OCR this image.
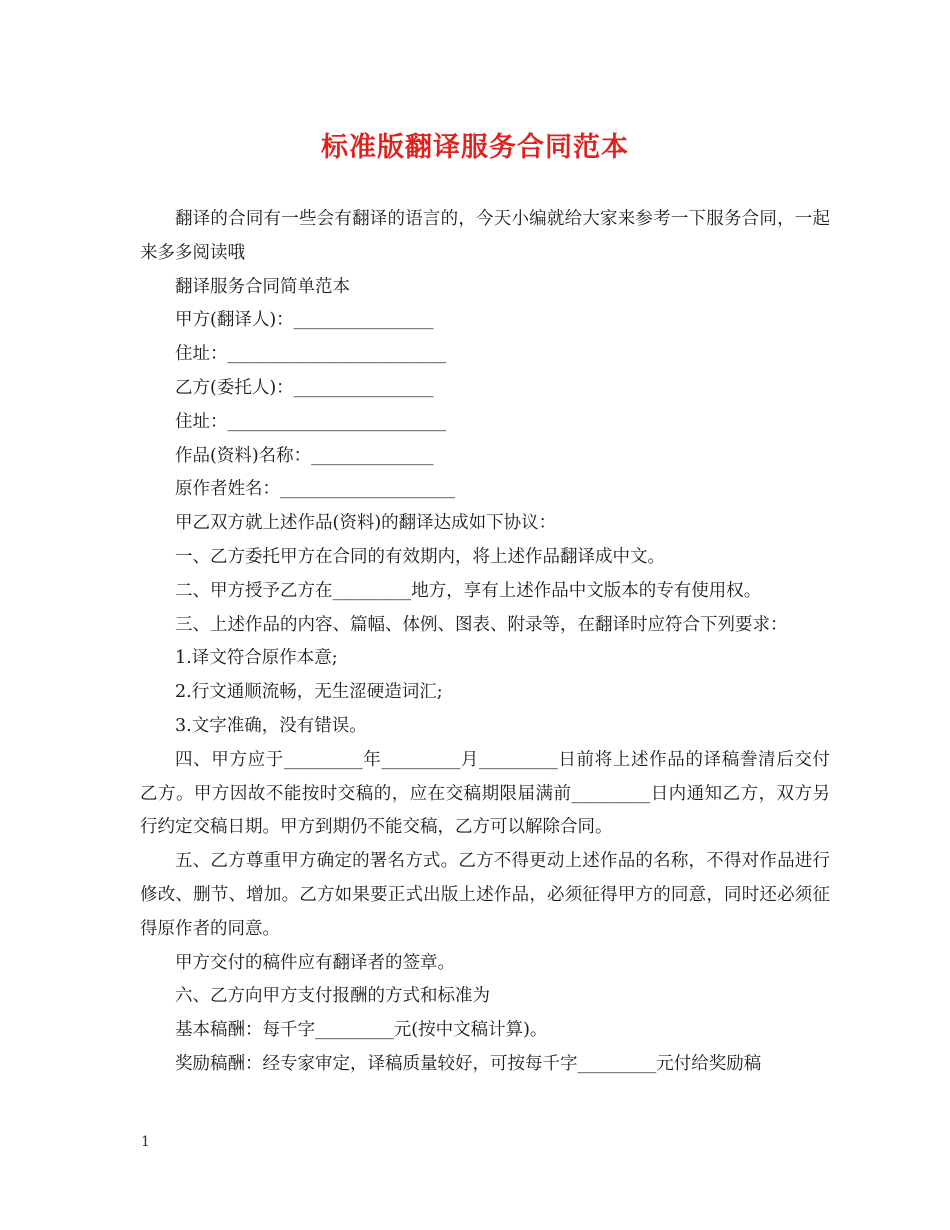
标准版翻译服务合同范本

翻译的合同有一些会有翻译的语言的，今天小编就给大家来参考一下服务合同，一起来多多阅读哦

翻译服务合同简单范本

甲方(翻译人)：________________

住址：_________________________

乙方(委托人)：________________

住址：_________________________

作品(资料)名称：______________

原作者姓名：____________________

甲乙双方就上述作品(资料)的翻译达成如下协议：

一、乙方委托甲方在合同的有效期内，将上述作品翻译成中文。

二、甲方授予乙方在_________地方，享有上述作品中文版本的专有使用权。

三、上述作品的内容、篇幅、体例、图表、附录等，在翻译时应符合下列要求：

1.译文符合原作本意;

2.行文通顺流畅，无生涩硬造词汇;

3.文字准确，没有错误。

四、甲方应于_________年_________月_________日前将上述作品的译稿誊清后交付乙方。甲方因故不能按时交稿的，应在交稿期限届满前_________日内通知乙方，双方另行约定交稿日期。甲方到期仍不能交稿，乙方可以解除合同。

五、乙方尊重甲方确定的署名方式。乙方不得更动上述作品的名称，不得对作品进行修改、删节、增加。乙方如果要正式出版上述作品，必须征得甲方的同意，同时还必须征得原作者的同意。

甲方交付的稿件应有翻译者的签章。

六、乙方向甲方支付报酬的方式和标准为

基本稿酬：每千字_________元(按中文稿计算)。

奖励稿酬：经专家审定，译稿质量较好，可按每千字_________元付给奖励稿

1
